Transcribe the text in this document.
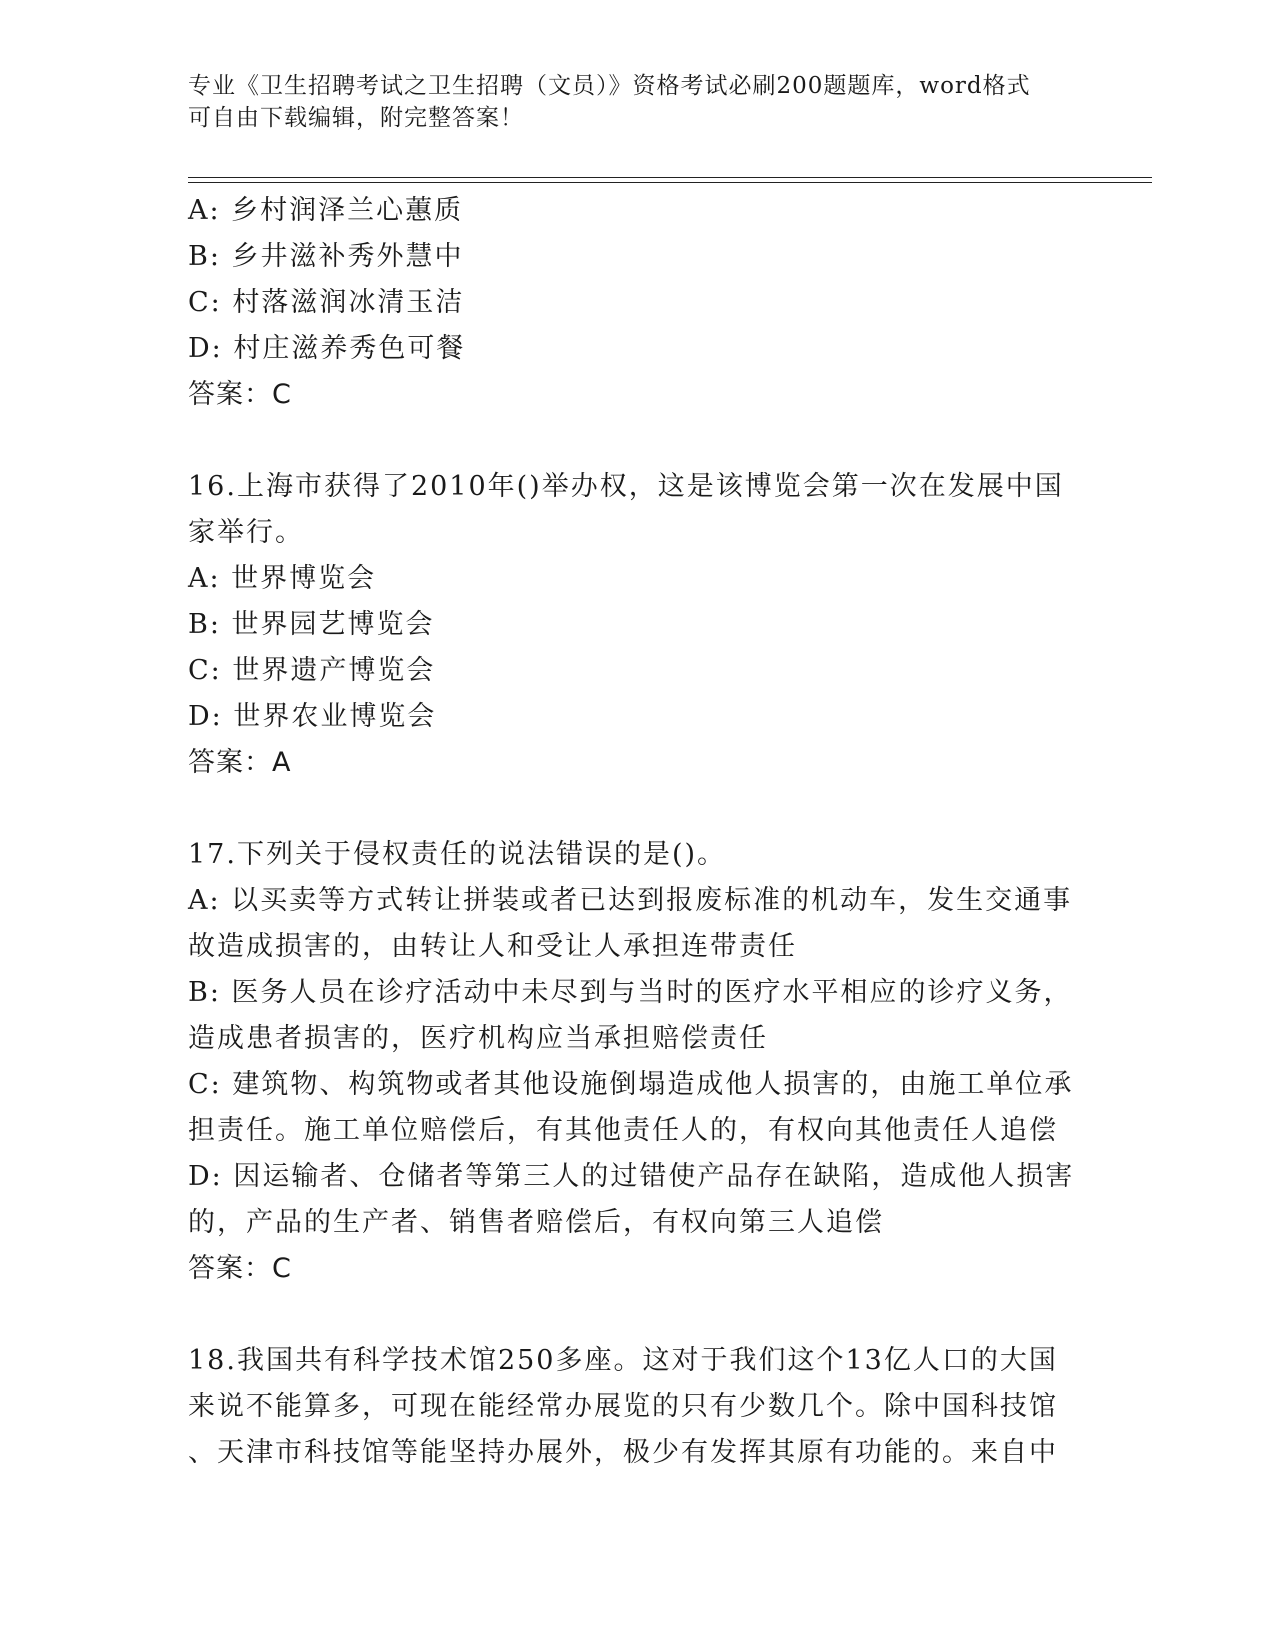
专业《卫生招聘考试之卫生招聘（文员）》资格考试必刷200题题库，word格式
可自由下载编辑，附完整答案！
A: 乡村润泽兰心蕙质
B: 乡井滋补秀外慧中
C: 村落滋润冰清玉洁
D: 村庄滋养秀色可餐
答案：C
16.上海市获得了2010年()举办权，这是该博览会第一次在发展中国
家举行。
A: 世界博览会
B: 世界园艺博览会
C: 世界遗产博览会
D: 世界农业博览会
答案：A
17.下列关于侵权责任的说法错误的是()。
A: 以买卖等方式转让拼装或者已达到报废标准的机动车，发生交通事
故造成损害的，由转让人和受让人承担连带责任
B: 医务人员在诊疗活动中未尽到与当时的医疗水平相应的诊疗义务，
造成患者损害的，医疗机构应当承担赔偿责任
C: 建筑物、构筑物或者其他设施倒塌造成他人损害的，由施工单位承
担责任。施工单位赔偿后，有其他责任人的，有权向其他责任人追偿
D: 因运输者、仓储者等第三人的过错使产品存在缺陷，造成他人损害
的，产品的生产者、销售者赔偿后，有权向第三人追偿
答案：C
18.我国共有科学技术馆250多座。这对于我们这个13亿人口的大国
来说不能算多，可现在能经常办展览的只有少数几个。除中国科技馆
、天津市科技馆等能坚持办展外，极少有发挥其原有功能的。来自中
